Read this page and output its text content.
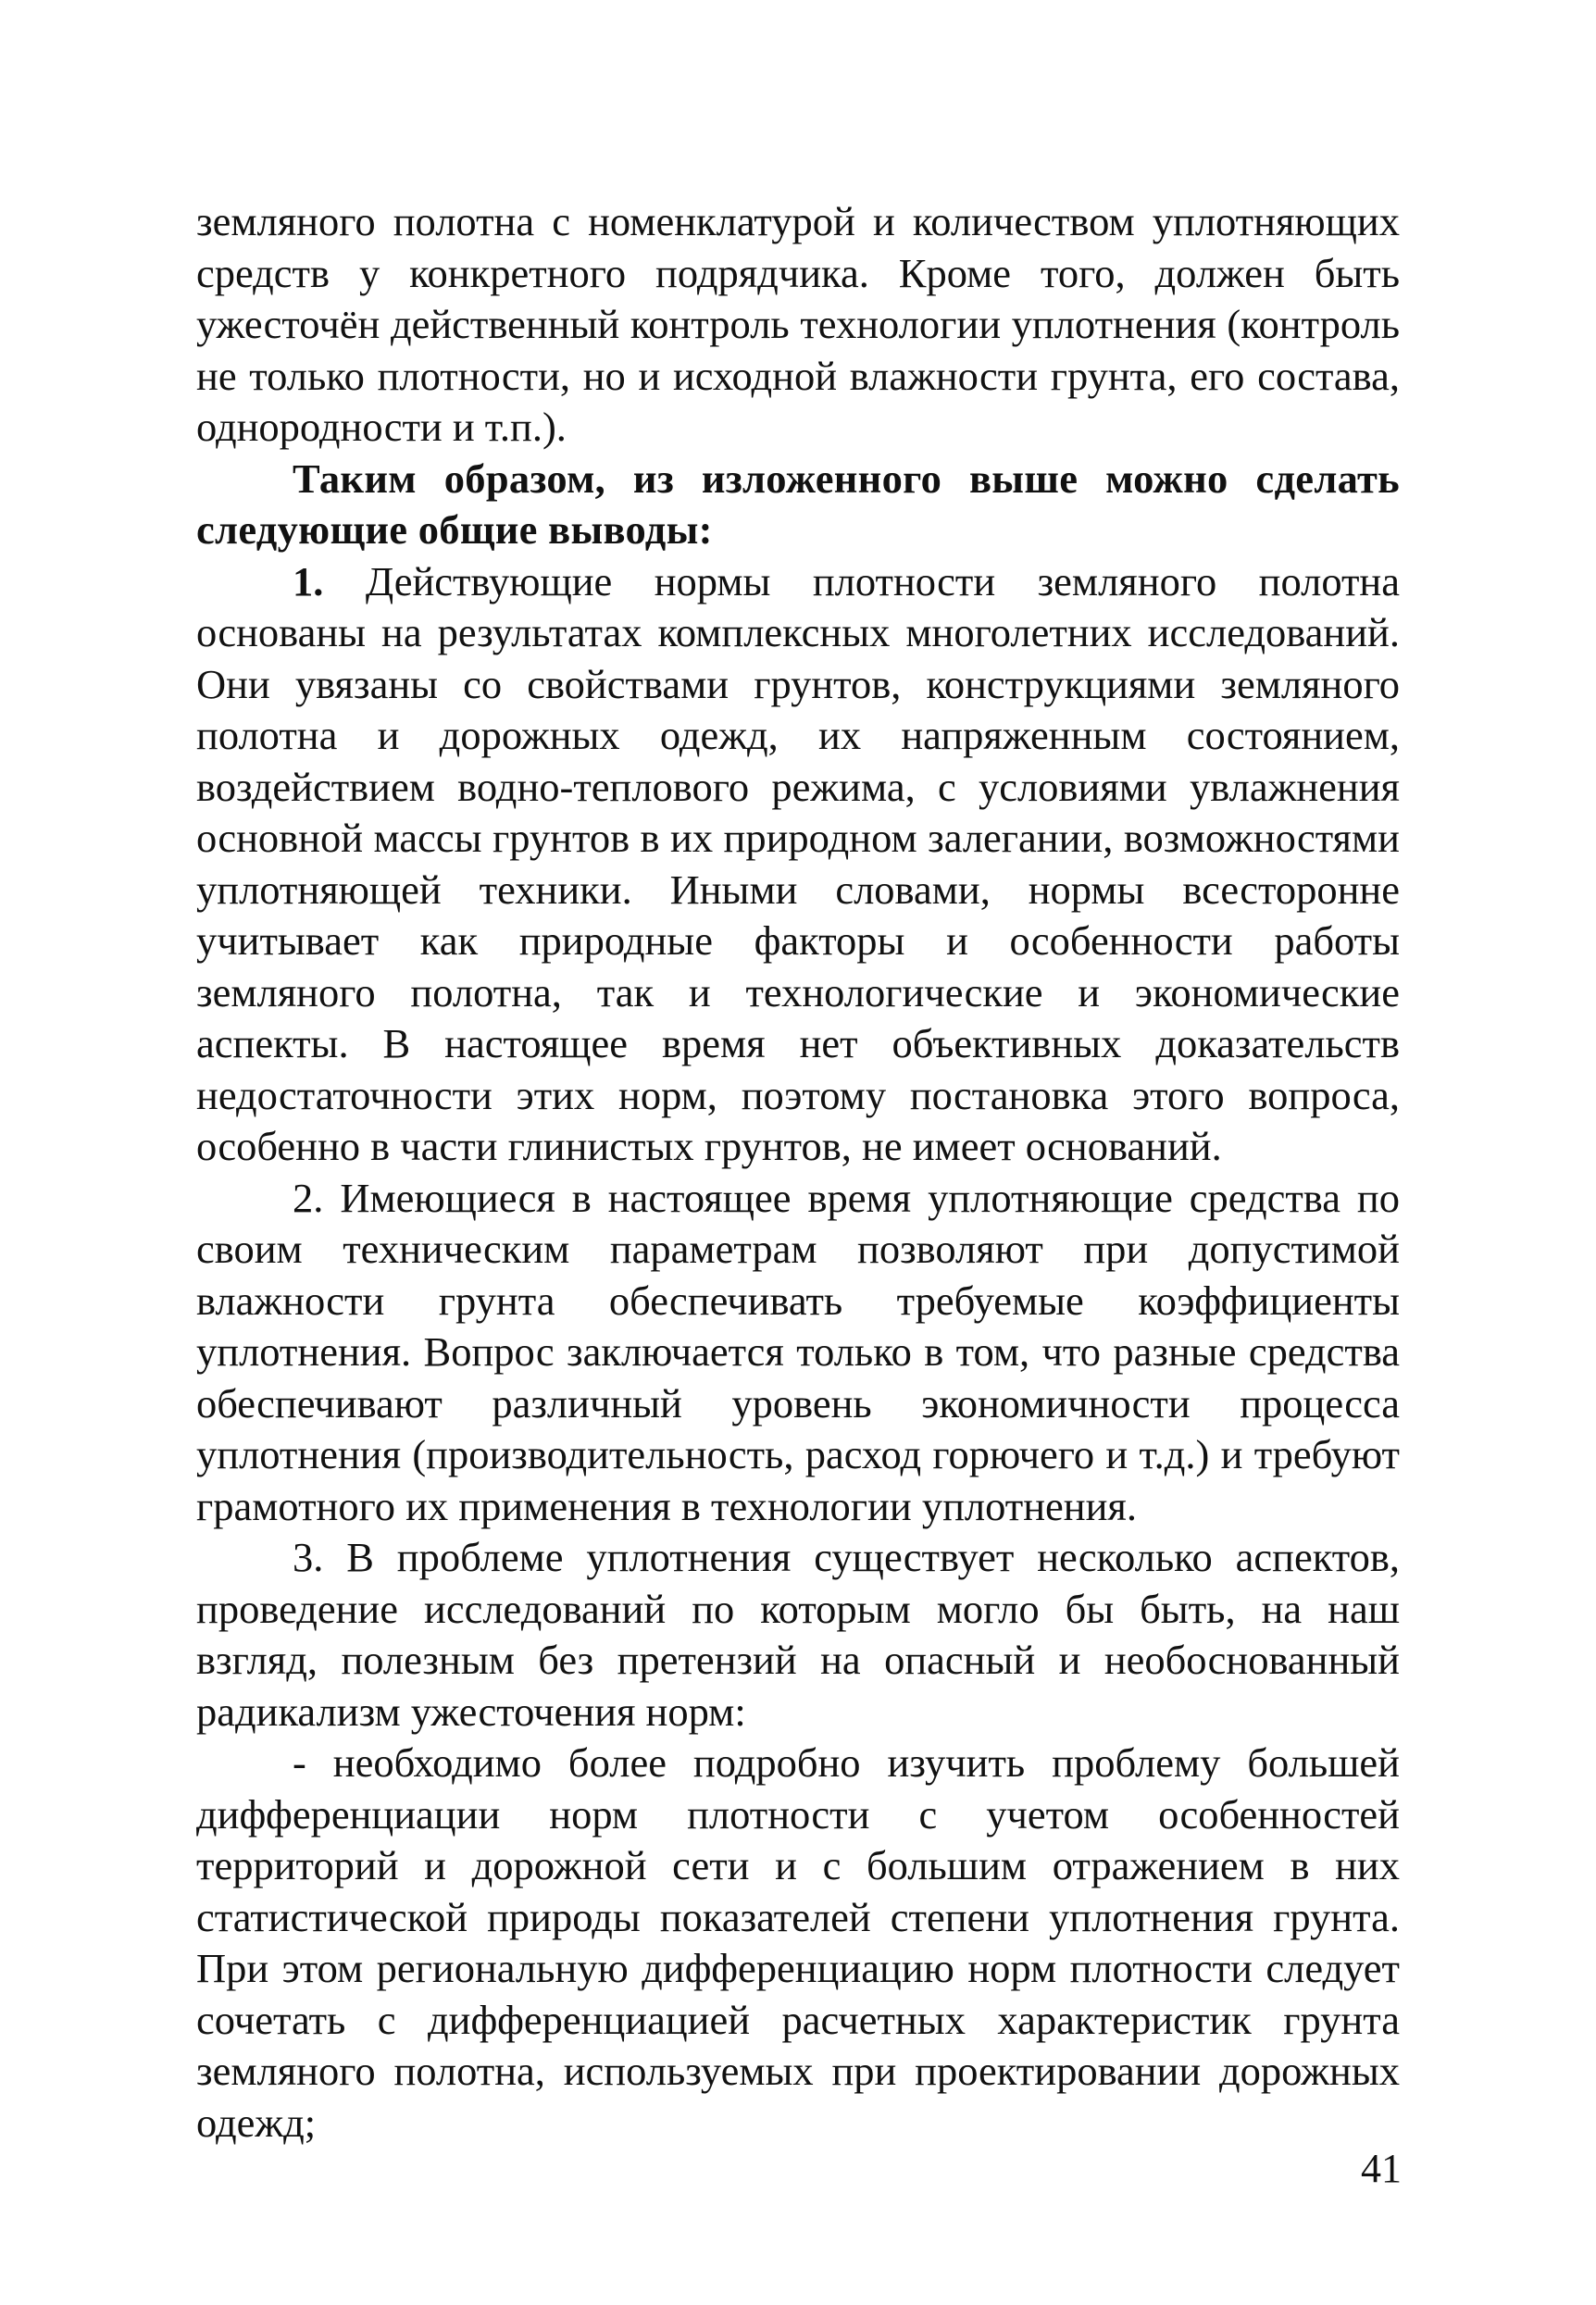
земляного полотна с номенклатурой и количеством уплотняющих средств у конкретного подрядчика. Кроме того, должен быть ужесточён действенный контроль технологии уплотнения (контроль не только плотности, но и исходной влажности грунта, его состава, однородности и т.п.).

Таким образом, из изложенного выше можно сделать следующие общие выводы:

1. Действующие нормы плотности земляного полотна основаны на результатах комплексных многолетних исследований. Они увязаны со свойствами грунтов, конструкциями земляного полотна и дорожных одежд, их напряженным состоянием, воздействием водно-теплового режима, с условиями увлажнения основной массы грунтов в их природном залегании, возможностями уплотняющей техники. Иными словами, нормы всесторонне учитывает как природные факторы и особенности работы земляного полотна, так и технологические и экономические аспекты. В настоящее время нет объективных доказательств недостаточности этих норм, поэтому постановка этого вопроса, особенно в части глинистых грунтов, не имеет оснований.

2. Имеющиеся в настоящее время уплотняющие средства по своим техническим параметрам позволяют при допустимой влажности грунта обеспечивать требуемые коэффициенты уплотнения. Вопрос заключается только в том, что разные средства обеспечивают различный уровень экономичности процесса уплотнения (производительность, расход горючего и т.д.) и требуют грамотного их применения в технологии уплотнения.

3. В проблеме уплотнения существует несколько аспектов, проведение исследований по которым могло бы быть, на наш взгляд, полезным без претензий на опасный и необоснованный радикализм ужесточения норм:

- необходимо более подробно изучить проблему большей дифференциации норм плотности с учетом особенностей территорий и дорожной сети и с большим отражением в них статистической природы показателей степени уплотнения грунта. При этом региональную дифференциацию норм плотности следует сочетать с дифференциацией расчетных характеристик грунта земляного полотна, используемых при проектировании дорожных одежд;

41
